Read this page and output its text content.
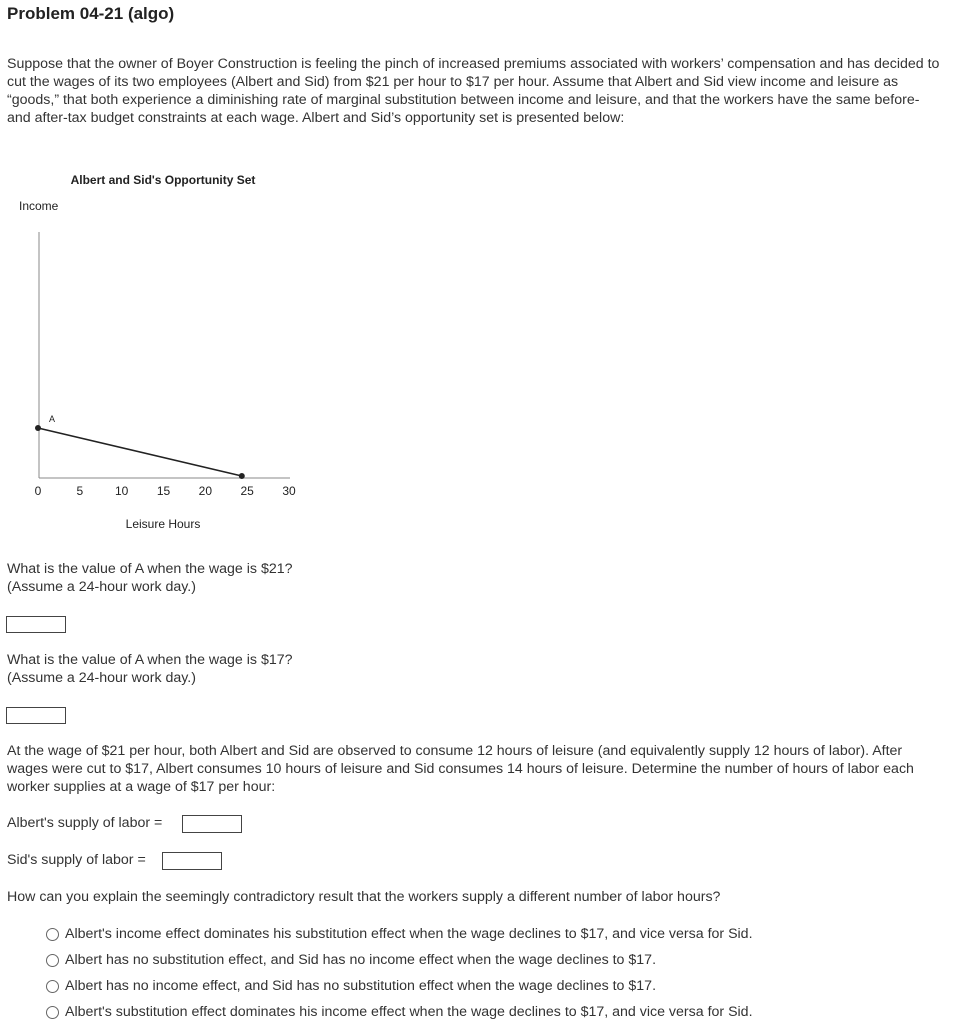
Problem 04-21 (algo)

Suppose that the owner of Boyer Construction is feeling the pinch of increased premiums associated with workers’ compensation and has decided to cut the wages of its two employees (Albert and Sid) from $21 per hour to $17 per hour. Assume that Albert and Sid view income and leisure as “goods,” that both experience a diminishing rate of marginal substitution between income and leisure, and that the workers have the same before- and after-tax budget constraints at each wage. Albert and Sid’s opportunity set is presented below:

Albert and Sid's Opportunity Set
Income
0	5	10 15 20 25 30
A
Leisure Hours
What is the value of A when the wage is $21?
(Assume a 24-hour work day.)
What is the value of A when the wage is $17?
(Assume a 24-hour work day.)

At the wage of $21 per hour, both Albert and Sid are observed to consume 12 hours of leisure (and equivalently supply 12 hours of labor). After wages were cut to $17, Albert consumes 10 hours of leisure and Sid consumes 14 hours of leisure. Determine the number of hours of labor each worker supplies at a wage of $17 per hour:

Albert's supply of labor =
Sid's supply of labor =

How can you explain the seemingly contradictory result that the workers supply a different number of labor hours?

Albert's income effect dominates his substitution effect when the wage declines to $17, and vice versa for Sid.
Albert has no substitution effect, and Sid has no income effect when the wage declines to $17.
Albert has no income effect, and Sid has no substitution effect when the wage declines to $17.
Albert's substitution effect dominates his income effect when the wage declines to $17, and vice versa for Sid.
